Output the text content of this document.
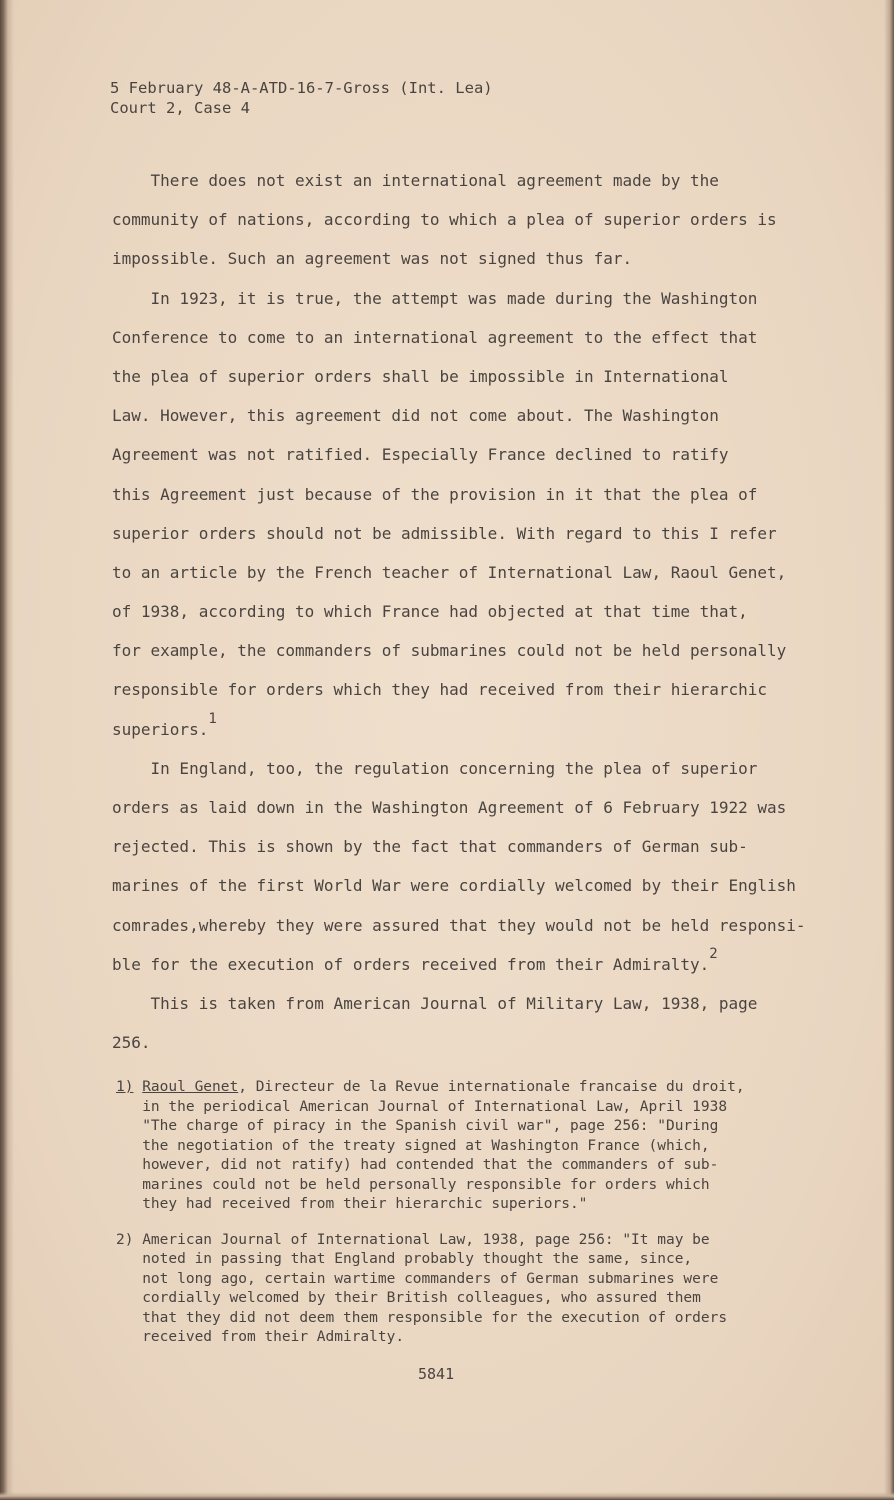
5 February 48-A-ATD-16-7-Gross (Int. Lea)
Court 2, Case 4
There does not exist an international agreement made by the
community of nations, according to which a plea of superior orders is
impossible. Such an agreement was not signed thus far.
In 1923, it is true, the attempt was made during the Washington
Conference to come to an international agreement to the effect that
the plea of superior orders shall be impossible in International
Law. However, this agreement did not come about. The Washington
Agreement was not ratified. Especially France declined to ratify
this Agreement just because of the provision in it that the plea of
superior orders should not be admissible. With regard to this I refer
to an article by the French teacher of International Law, Raoul Genet,
of 1938, according to which France had objected at that time that,
for example, the commanders of submarines could not be held personally
responsible for orders which they had received from their hierarchic
superiors.1
In England, too, the regulation concerning the plea of superior
orders as laid down in the Washington Agreement of 6 February 1922 was
rejected. This is shown by the fact that commanders of German sub-
marines of the first World War were cordially welcomed by their English
comrades,whereby they were assured that they would not be held responsi-
ble for the execution of orders received from their Admiralty.2
This is taken from American Journal of Military Law, 1938, page
256.
1) Raoul Genet, Directeur de la Revue internationale francaise du droit,
in the periodical American Journal of International Law, April 1938
"The charge of piracy in the Spanish civil war", page 256: "During
the negotiation of the treaty signed at Washington France (which,
however, did not ratify) had contended that the commanders of sub-
marines could not be held personally responsible for orders which
they had received from their hierarchic superiors."
2) American Journal of International Law, 1938, page 256: "It may be
noted in passing that England probably thought the same, since,
not long ago, certain wartime commanders of German submarines were
cordially welcomed by their British colleagues, who assured them
that they did not deem them responsible for the execution of orders
received from their Admiralty.
5841
